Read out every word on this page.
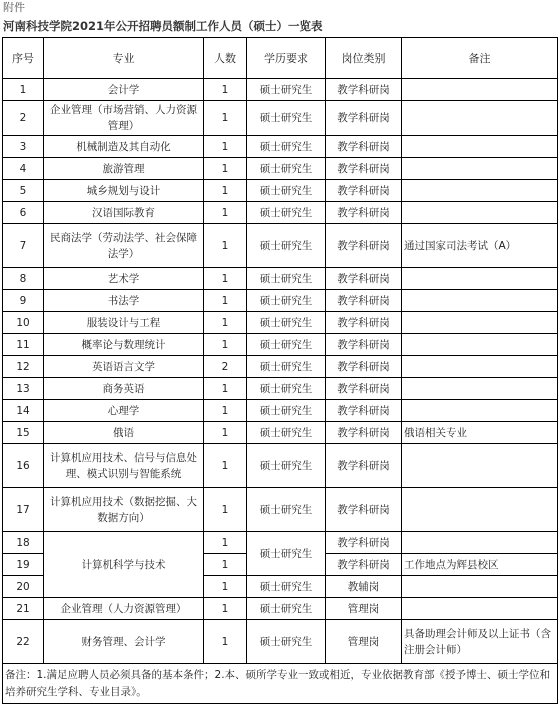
附件
河南科技学院2021年公开招聘员额制工作人员（硕士）一览表
序号	专业	人数	学历要求	岗位类别	备注
1	会计学	1	硕士研究生	教学科研岗	
2	企业管理（市场营销、人力资源管理）	1	硕士研究生	教学科研岗	
3	机械制造及其自动化	1	硕士研究生	教学科研岗	
4	旅游管理	1	硕士研究生	教学科研岗	
5	城乡规划与设计	1	硕士研究生	教学科研岗	
6	汉语国际教育	1	硕士研究生	教学科研岗	
7	民商法学（劳动法学、社会保障法学）	1	硕士研究生	教学科研岗	通过国家司法考试（A）
8	艺术学	1	硕士研究生	教学科研岗	
9	书法学	1	硕士研究生	教学科研岗	
10	服装设计与工程	1	硕士研究生	教学科研岗	
11	概率论与数理统计	1	硕士研究生	教学科研岗	
12	英语语言文学	2	硕士研究生	教学科研岗	
13	商务英语	1	硕士研究生	教学科研岗	
14	心理学	1	硕士研究生	教学科研岗	
15	俄语	1	硕士研究生	教学科研岗	俄语相关专业
16	计算机应用技术、信号与信息处理、模式识别与智能系统	1	硕士研究生	教学科研岗	
17	计算机应用技术（数据挖掘、大数据方向）	1	硕士研究生	教学科研岗	
18	计算机科学与技术	1	硕士研究生	教学科研岗	
19		1		教学科研岗	工作地点为辉县校区
20		1	硕士研究生	教辅岗	
21	企业管理（人力资源管理）	1	硕士研究生	管理岗	
22	财务管理、会计学	1	硕士研究生	管理岗	具备助理会计师及以上证书（含注册会计师）
备注：1.满足应聘人员必须具备的基本条件；2.本、硕所学专业一致或相近，专业依据教育部《授予博士、硕士学位和培养研究生学科、专业目录》。					
